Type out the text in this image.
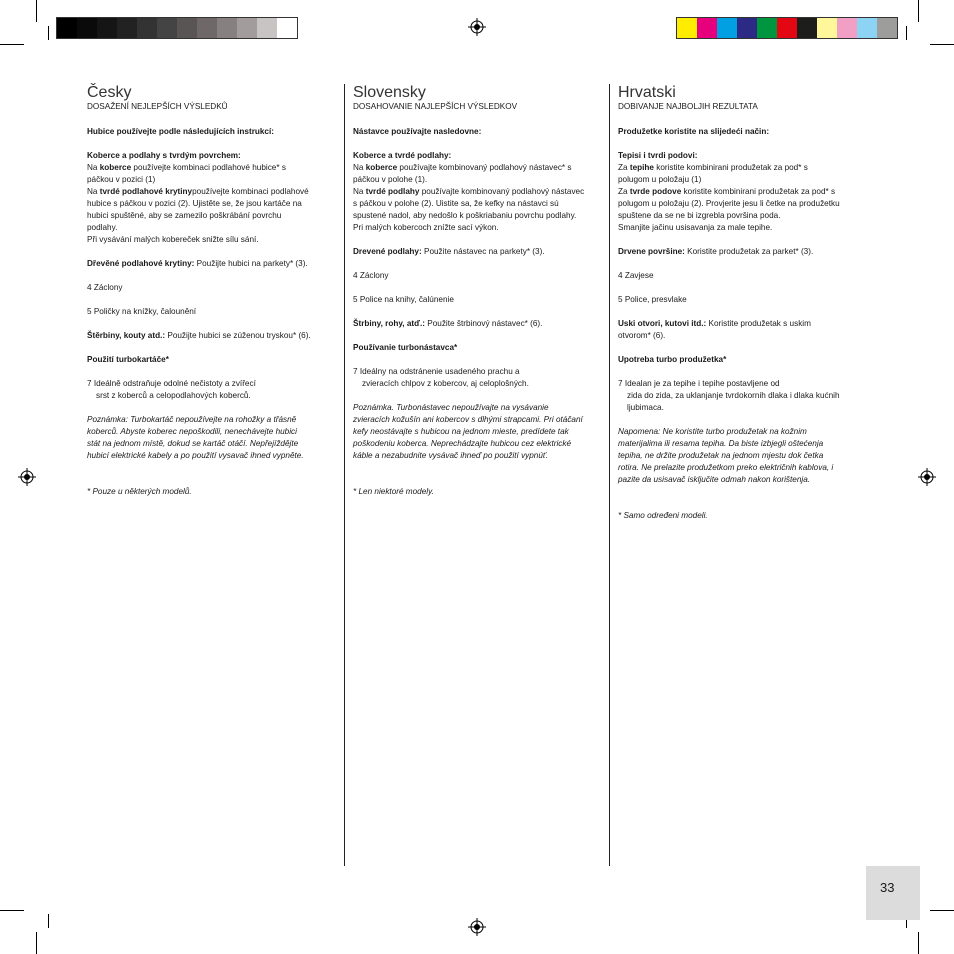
Česky
DOSAŽENÍ NEJLEPŠÍCH VÝSLEDKŮ

Hubice používejte podle následujících instrukcí:

Koberce a podlahy s tvrdým povrchem:
Na koberce používejte kombinaci podlahové hubice* s páčkou v pozici (1)
Na tvrdé podlahové krytinypoužívejte kombinaci podlahové hubice s páčkou v pozici (2). Ujistěte se, že jsou kartáče na hubici spuštěné, aby se zamezilo poškrábání povrchu podlahy.

Při vysávání malých kobereček snižte sílu sání.

Dřevěné podlahové krytiny: Použijte hubici na parkety* (3).

4 Záclony

5 Poličky na knížky, čalounění

Štěrbiny, kouty atd.: Použijte hubici se zúženou tryskou* (6).

Použití turbokartáče*

7 Ideálně odstraňuje odolné nečistoty a zvířecí

srst z koberců a celopodlahových koberců.

Poznámka: Turbokartáč nepoužívejte na rohožky a třásně koberců. Abyste koberec nepoškodili, nenechávejte hubici stát na jednom místě, dokud se kartáč otáčí. Nepřejíždějte hubicí elektrické kabely a po použití vysavač ihned vypněte.

* Pouze u některých modelů.

Slovensky
DOSAHOVANIE NAJLEPŠÍCH VÝSLEDKOV

Nástavce používajte nasledovne:

Koberce a tvrdé podlahy:
Na koberce používajte kombinovaný podlahový nástavec* s páčkou v polohe (1).
Na tvrdé podlahy používajte kombinovaný podlahový nástavec s páčkou v polohe (2). Uistite sa, že kefky na nástavci sú spustené nadol, aby nedošlo k poškriabaniu povrchu podlahy.

Pri malých kobercoch znížte sací výkon.

Drevené podlahy: Použite nástavec na parkety* (3).

4 Záclony

5 Police na knihy, čalúnenie

Štrbiny, rohy, atď.: Použite štrbinový nástavec* (6).

Používanie turbonástavca*

7 Ideálny na odstránenie usadeného prachu a

zvieracích chlpov z kobercov, aj celoplošných.

Poznámka. Turbonástavec nepoužívajte na vysávanie zvieracích kožušín ani kobercov s dlhými strapcami. Pri otáčaní kefy neostávajte s hubicou na jednom mieste, predídete tak poškodeniu koberca. Neprechádzajte hubicou cez elektrické káble a nezabudnite vysávač ihneď po použití vypnúť.

* Len niektoré modely.

Hrvatski
DOBIVANJE NAJBOLJIH REZULTATA

Produžetke koristite na slijedeći način:

Tepisi i tvrdi podovi:
Za tepihe koristite kombinirani produžetak za pod* s polugom u položaju (1)
Za tvrde podove koristite kombinirani produžetak za pod* s polugom u položaju (2). Provjerite jesu li četke na produžetku spuštene da se ne bi izgrebla površina poda.

Smanjite jačinu usisavanja za male tepihe.

Drvene površine: Koristite produžetak za parket* (3).

4 Zavjese

5 Police, presvlake

Uski otvori, kutovi itd.: Koristite produžetak s uskim otvorom* (6).

Upotreba turbo produžetka*

7 Idealan je za tepihe i tepihe postavljene od

zida do zida, za uklanjanje tvrdokornih dlaka i dlaka kućnih ljubimaca.

Napomena: Ne koristite turbo produžetak na kožnim materijalima ili resama tepiha. Da biste izbjegli oštećenja tepiha, ne držite produžetak na jednom mjestu dok četka rotira. Ne prelazite produžetkom preko električnih kablova, i pazite da usisavač isključite odmah nakon korištenja.

* Samo određeni modeli.

33
